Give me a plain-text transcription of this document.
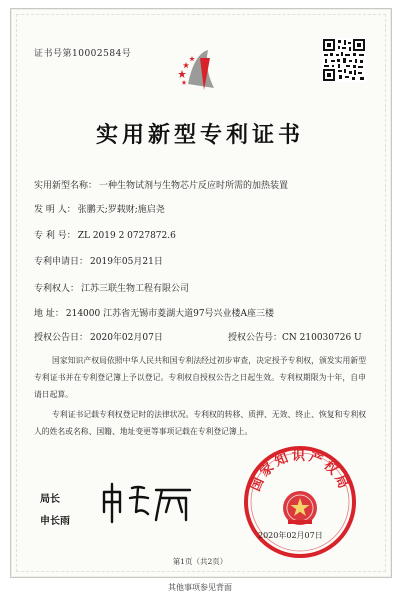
证书号第10002584号
实用新型专利证书
实用新型名称： 一种生物试剂与生物芯片反应时所需的加热装置
发 明 人： 张鹏天;罗载财;施启尧
专 利 号： ZL 2019 2 0727872.6
专利申请日： 2019年05月21日
专利权人： 江苏三联生物工程有限公司
地 址： 214000 江苏省无锡市菱湖大道97号兴业楼A座三楼
授权公告日： 2020年02月07日	授权公告号：CN 210030726 U
国家知识产权局依照中华人民共和国专利法经过初步审查，决定授予专利权，颁发实用新型专利证书并在专利登记簿上予以登记。专利权自授权公告之日起生效。专利权期限为十年，自申请日起算。
专利证书记载专利权登记时的法律状况。专利权的转移、质押、无效、终止、恢复和专利权人的姓名或名称、国籍、地址变更等事项记载在专利登记簿上。
局长
申长雨
国家知识产权局
2020年02月07日
第1页（共2页）
其他事项参见背面
